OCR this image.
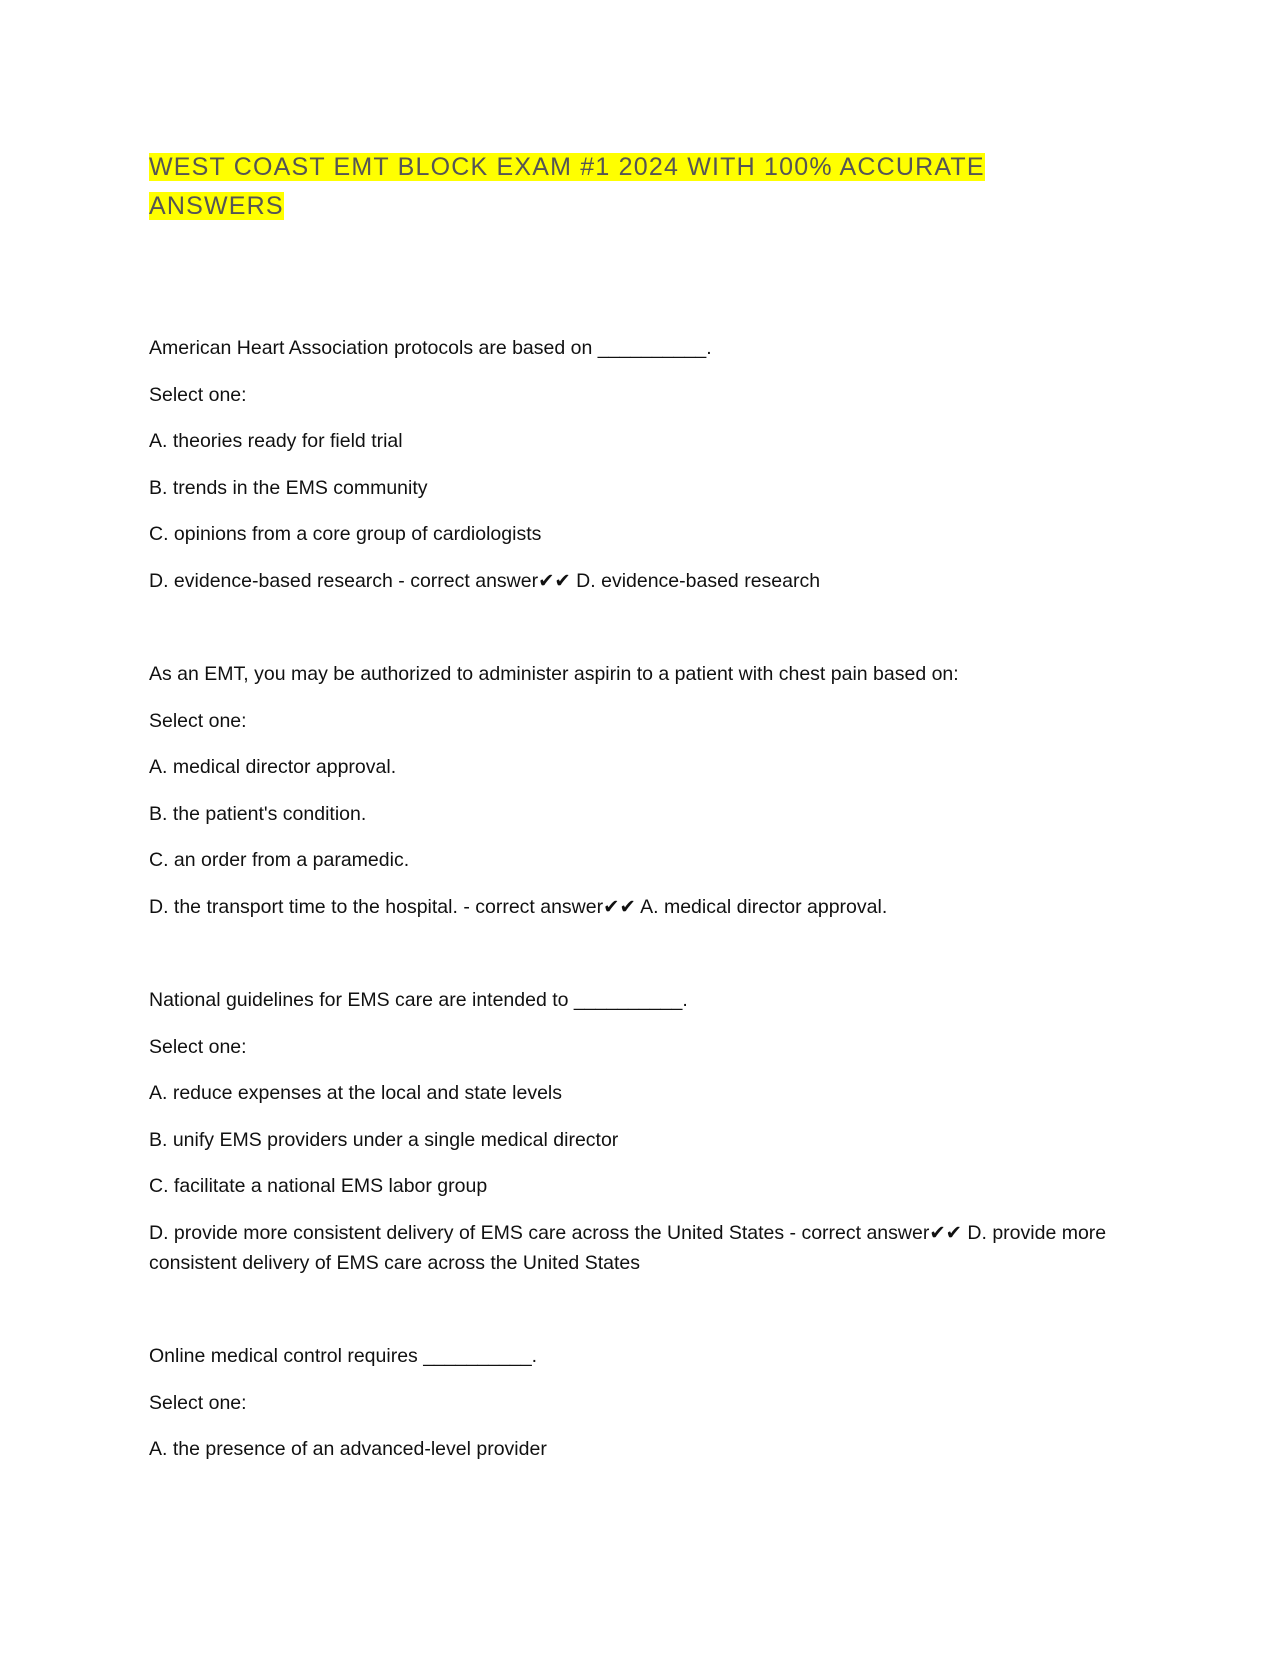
WEST COAST EMT BLOCK EXAM #1 2024 WITH 100% ACCURATE ANSWERS

American Heart Association protocols are based on __________.

Select one:

A. theories ready for field trial

B. trends in the EMS community

C. opinions from a core group of cardiologists

D. evidence-based research - correct answer✔✔ D. evidence-based research

As an EMT, you may be authorized to administer aspirin to a patient with chest pain based on:

Select one:

A. medical director approval.

B. the patient's condition.

C. an order from a paramedic.

D. the transport time to the hospital. - correct answer✔✔ A. medical director approval.

National guidelines for EMS care are intended to __________.

Select one:

A. reduce expenses at the local and state levels

B. unify EMS providers under a single medical director

C. facilitate a national EMS labor group

D. provide more consistent delivery of EMS care across the United States - correct answer✔✔ D. provide more consistent delivery of EMS care across the United States

Online medical control requires __________.

Select one:

A. the presence of an advanced-level provider
